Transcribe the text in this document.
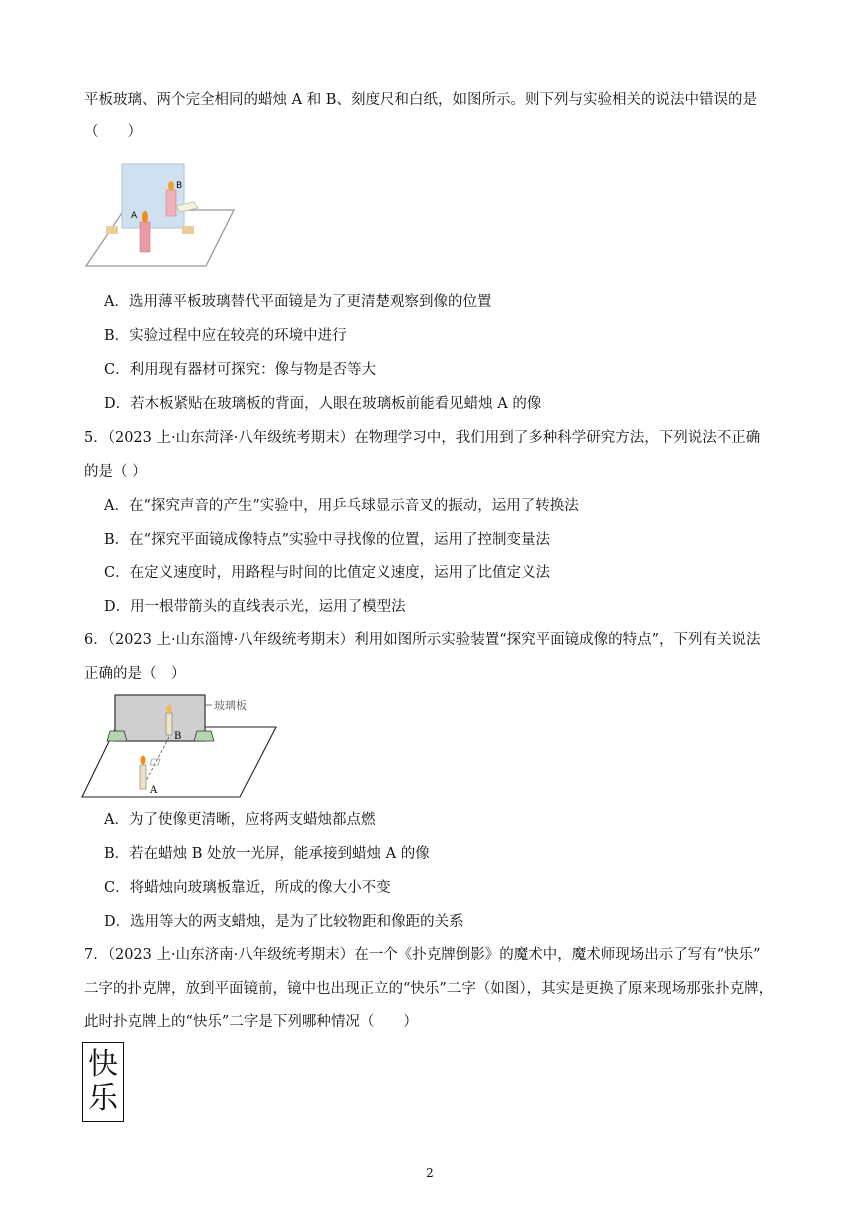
平板玻璃、两个完全相同的蜡烛 A 和 B、刻度尺和白纸，如图所示。则下列与实验相关的说法中错误的是
（　　）
A
B
A．选用薄平板玻璃替代平面镜是为了更清楚观察到像的位置
B．实验过程中应在较亮的环境中进行
C．利用现有器材可探究：像与物是否等大
D．若木板紧贴在玻璃板的背面，人眼在玻璃板前能看见蜡烛 A 的像
5．（2023 上·山东菏泽·八年级统考期末）在物理学习中，我们用到了多种科学研究方法，下列说法不正确
的是（ ）
A．在“探究声音的产生”实验中，用乒乓球显示音叉的振动，运用了转换法
B．在“探究平面镜成像特点”实验中寻找像的位置，运用了控制变量法
C．在定义速度时，用路程与时间的比值定义速度，运用了比值定义法
D．用一根带箭头的直线表示光，运用了模型法
6．（2023 上·山东淄博·八年级统考期末）利用如图所示实验装置“探究平面镜成像的特点”，下列有关说法
正确的是（　）
玻璃板
B
A
A．为了使像更清晰，应将两支蜡烛都点燃
B．若在蜡烛 B 处放一光屏，能承接到蜡烛 A 的像
C．将蜡烛向玻璃板靠近，所成的像大小不变
D．选用等大的两支蜡烛，是为了比较物距和像距的关系
7．（2023 上·山东济南·八年级统考期末）在一个《扑克牌倒影》的魔术中，魔术师现场出示了写有“快乐”
二字的扑克牌，放到平面镜前，镜中也出现正立的“快乐”二字（如图），其实是更换了原来现场那张扑克牌，
此时扑克牌上的“快乐”二字是下列哪种情况（　　）
快
乐
2
